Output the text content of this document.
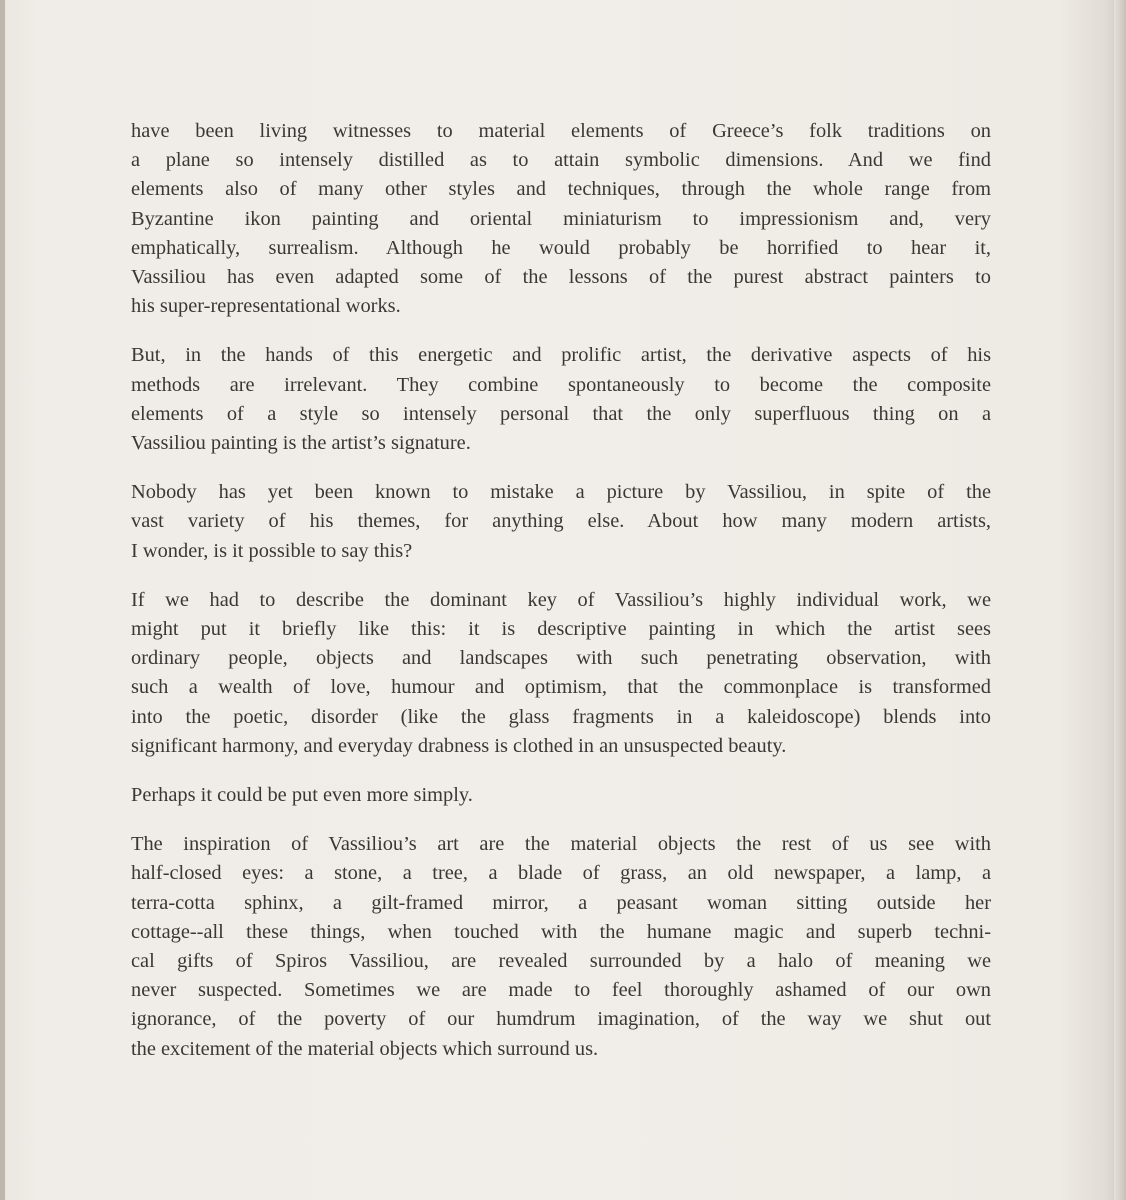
have been living witnesses to material elements of Greece’s folk traditions on
a plane so intensely distilled as to attain symbolic dimensions. And we find
elements also of many other styles and techniques, through the whole range from
Byzantine ikon painting and oriental miniaturism to impressionism and, very
emphatically, surrealism. Although he would probably be horrified to hear it,
Vassiliou has even adapted some of the lessons of the purest abstract painters to
his super-representational works.

But, in the hands of this energetic and prolific artist, the derivative aspects of his
methods are irrelevant. They combine spontaneously to become the composite
elements of a style so intensely personal that the only superfluous thing on a
Vassiliou painting is the artist’s signature.

Nobody has yet been known to mistake a picture by Vassiliou, in spite of the
vast variety of his themes, for anything else. About how many modern artists,
I wonder, is it possible to say this?

If we had to describe the dominant key of Vassiliou’s highly individual work, we
might put it briefly like this: it is descriptive painting in which the artist sees
ordinary people, objects and landscapes with such penetrating observation, with
such a wealth of love, humour and optimism, that the commonplace is transformed
into the poetic, disorder (like the glass fragments in a kaleidoscope) blends into
significant harmony, and everyday drabness is clothed in an unsuspected beauty.

Perhaps it could be put even more simply.

The inspiration of Vassiliou’s art are the material objects the rest of us see with
half-closed eyes: a stone, a tree, a blade of grass, an old newspaper, a lamp, a
terra-cotta sphinx, a gilt-framed mirror, a peasant woman sitting outside her
cottage--all these things, when touched with the humane magic and superb techni-
cal gifts of Spiros Vassiliou, are revealed surrounded by a halo of meaning we
never suspected. Sometimes we are made to feel thoroughly ashamed of our own
ignorance, of the poverty of our humdrum imagination, of the way we shut out
the excitement of the material objects which surround us.
